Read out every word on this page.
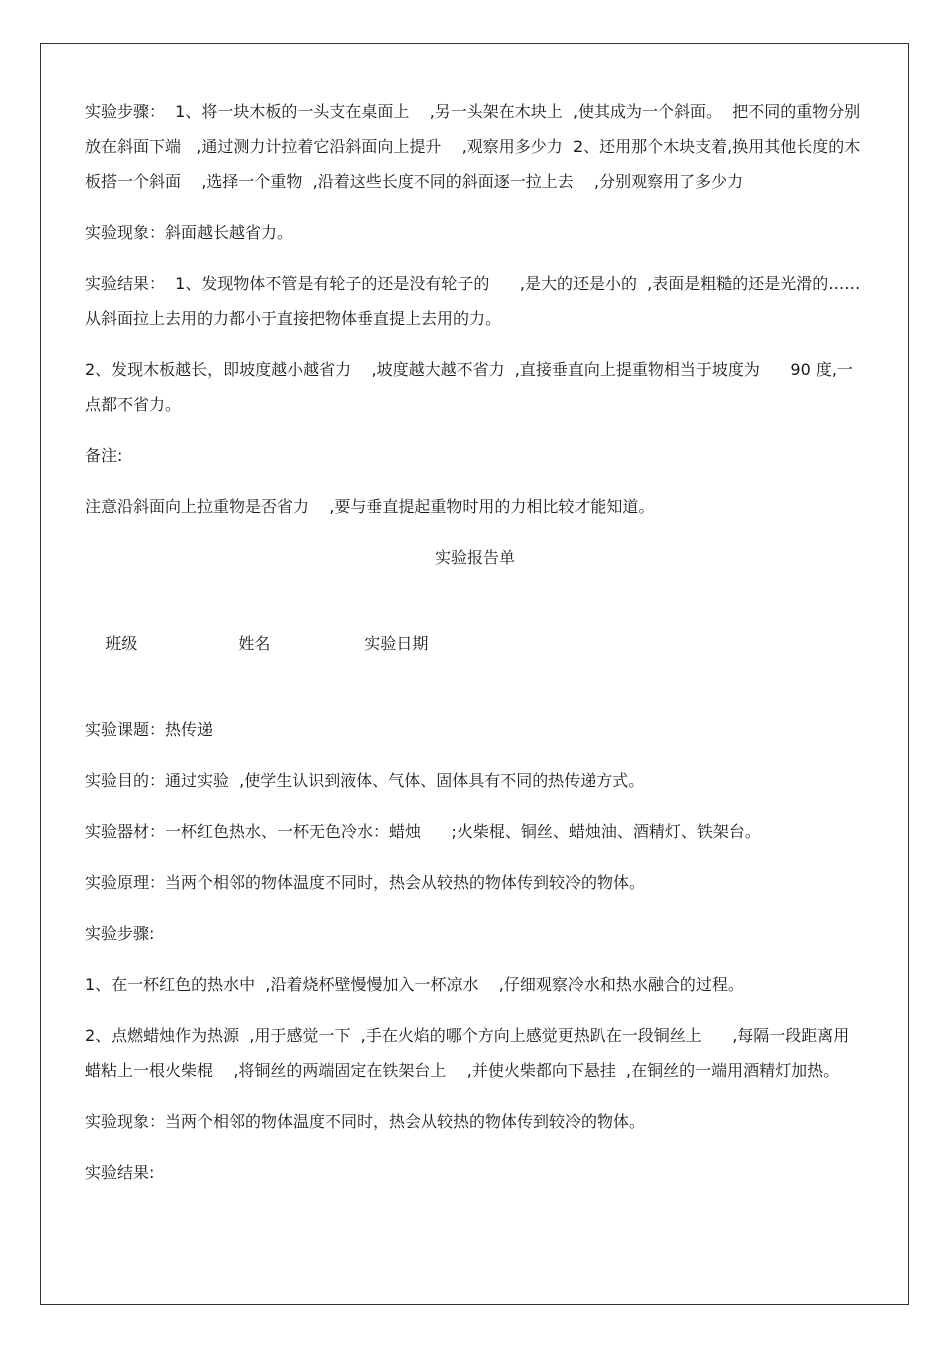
实验步骤：  1、将一块木板的一头支在桌面上    ,另一头架在木块上  ,使其成为一个斜面。  把不同的重物分别放在斜面下端   ,通过测力计拉着它沿斜面向上提升    ,观察用多少力  2、还用那个木块支着,换用其他长度的木板搭一个斜面    ,选择一个重物  ,沿着这些长度不同的斜面逐一拉上去    ,分别观察用了多少力

实验现象：斜面越长越省力。

实验结果：  1、发现物体不管是有轮子的还是没有轮子的      ,是大的还是小的  ,表面是粗糙的还是光滑的……从斜面拉上去用的力都小于直接把物体垂直提上去用的力。

2、发现木板越长，即坡度越小越省力    ,坡度越大越不省力  ,直接垂直向上提重物相当于坡度为      90 度,一点都不省力。

备注:

注意沿斜面向上拉重物是否省力    ,要与垂直提起重物时用的力相比较才能知道。

实验报告单

班级	姓名	实验日期

实验课题：热传递

实验目的：通过实验  ,使学生认识到液体、气体、固体具有不同的热传递方式。

实验器材：一杯红色热水、一杯无色冷水：蜡烛      ;火柴棍、铜丝、蜡烛油、酒精灯、铁架台。

实验原理：当两个相邻的物体温度不同时，热会从较热的物体传到较冷的物体。

实验步骤:

1、在一杯红色的热水中  ,沿着烧杯壁慢慢加入一杯凉水    ,仔细观察冷水和热水融合的过程。

2、点燃蜡烛作为热源  ,用于感觉一下  ,手在火焰的哪个方向上感觉更热趴在一段铜丝上      ,每隔一段距离用蜡粘上一根火柴棍    ,将铜丝的两端固定在铁架台上    ,并使火柴都向下悬挂  ,在铜丝的一端用酒精灯加热。

实验现象：当两个相邻的物体温度不同时，热会从较热的物体传到较冷的物体。

实验结果:
